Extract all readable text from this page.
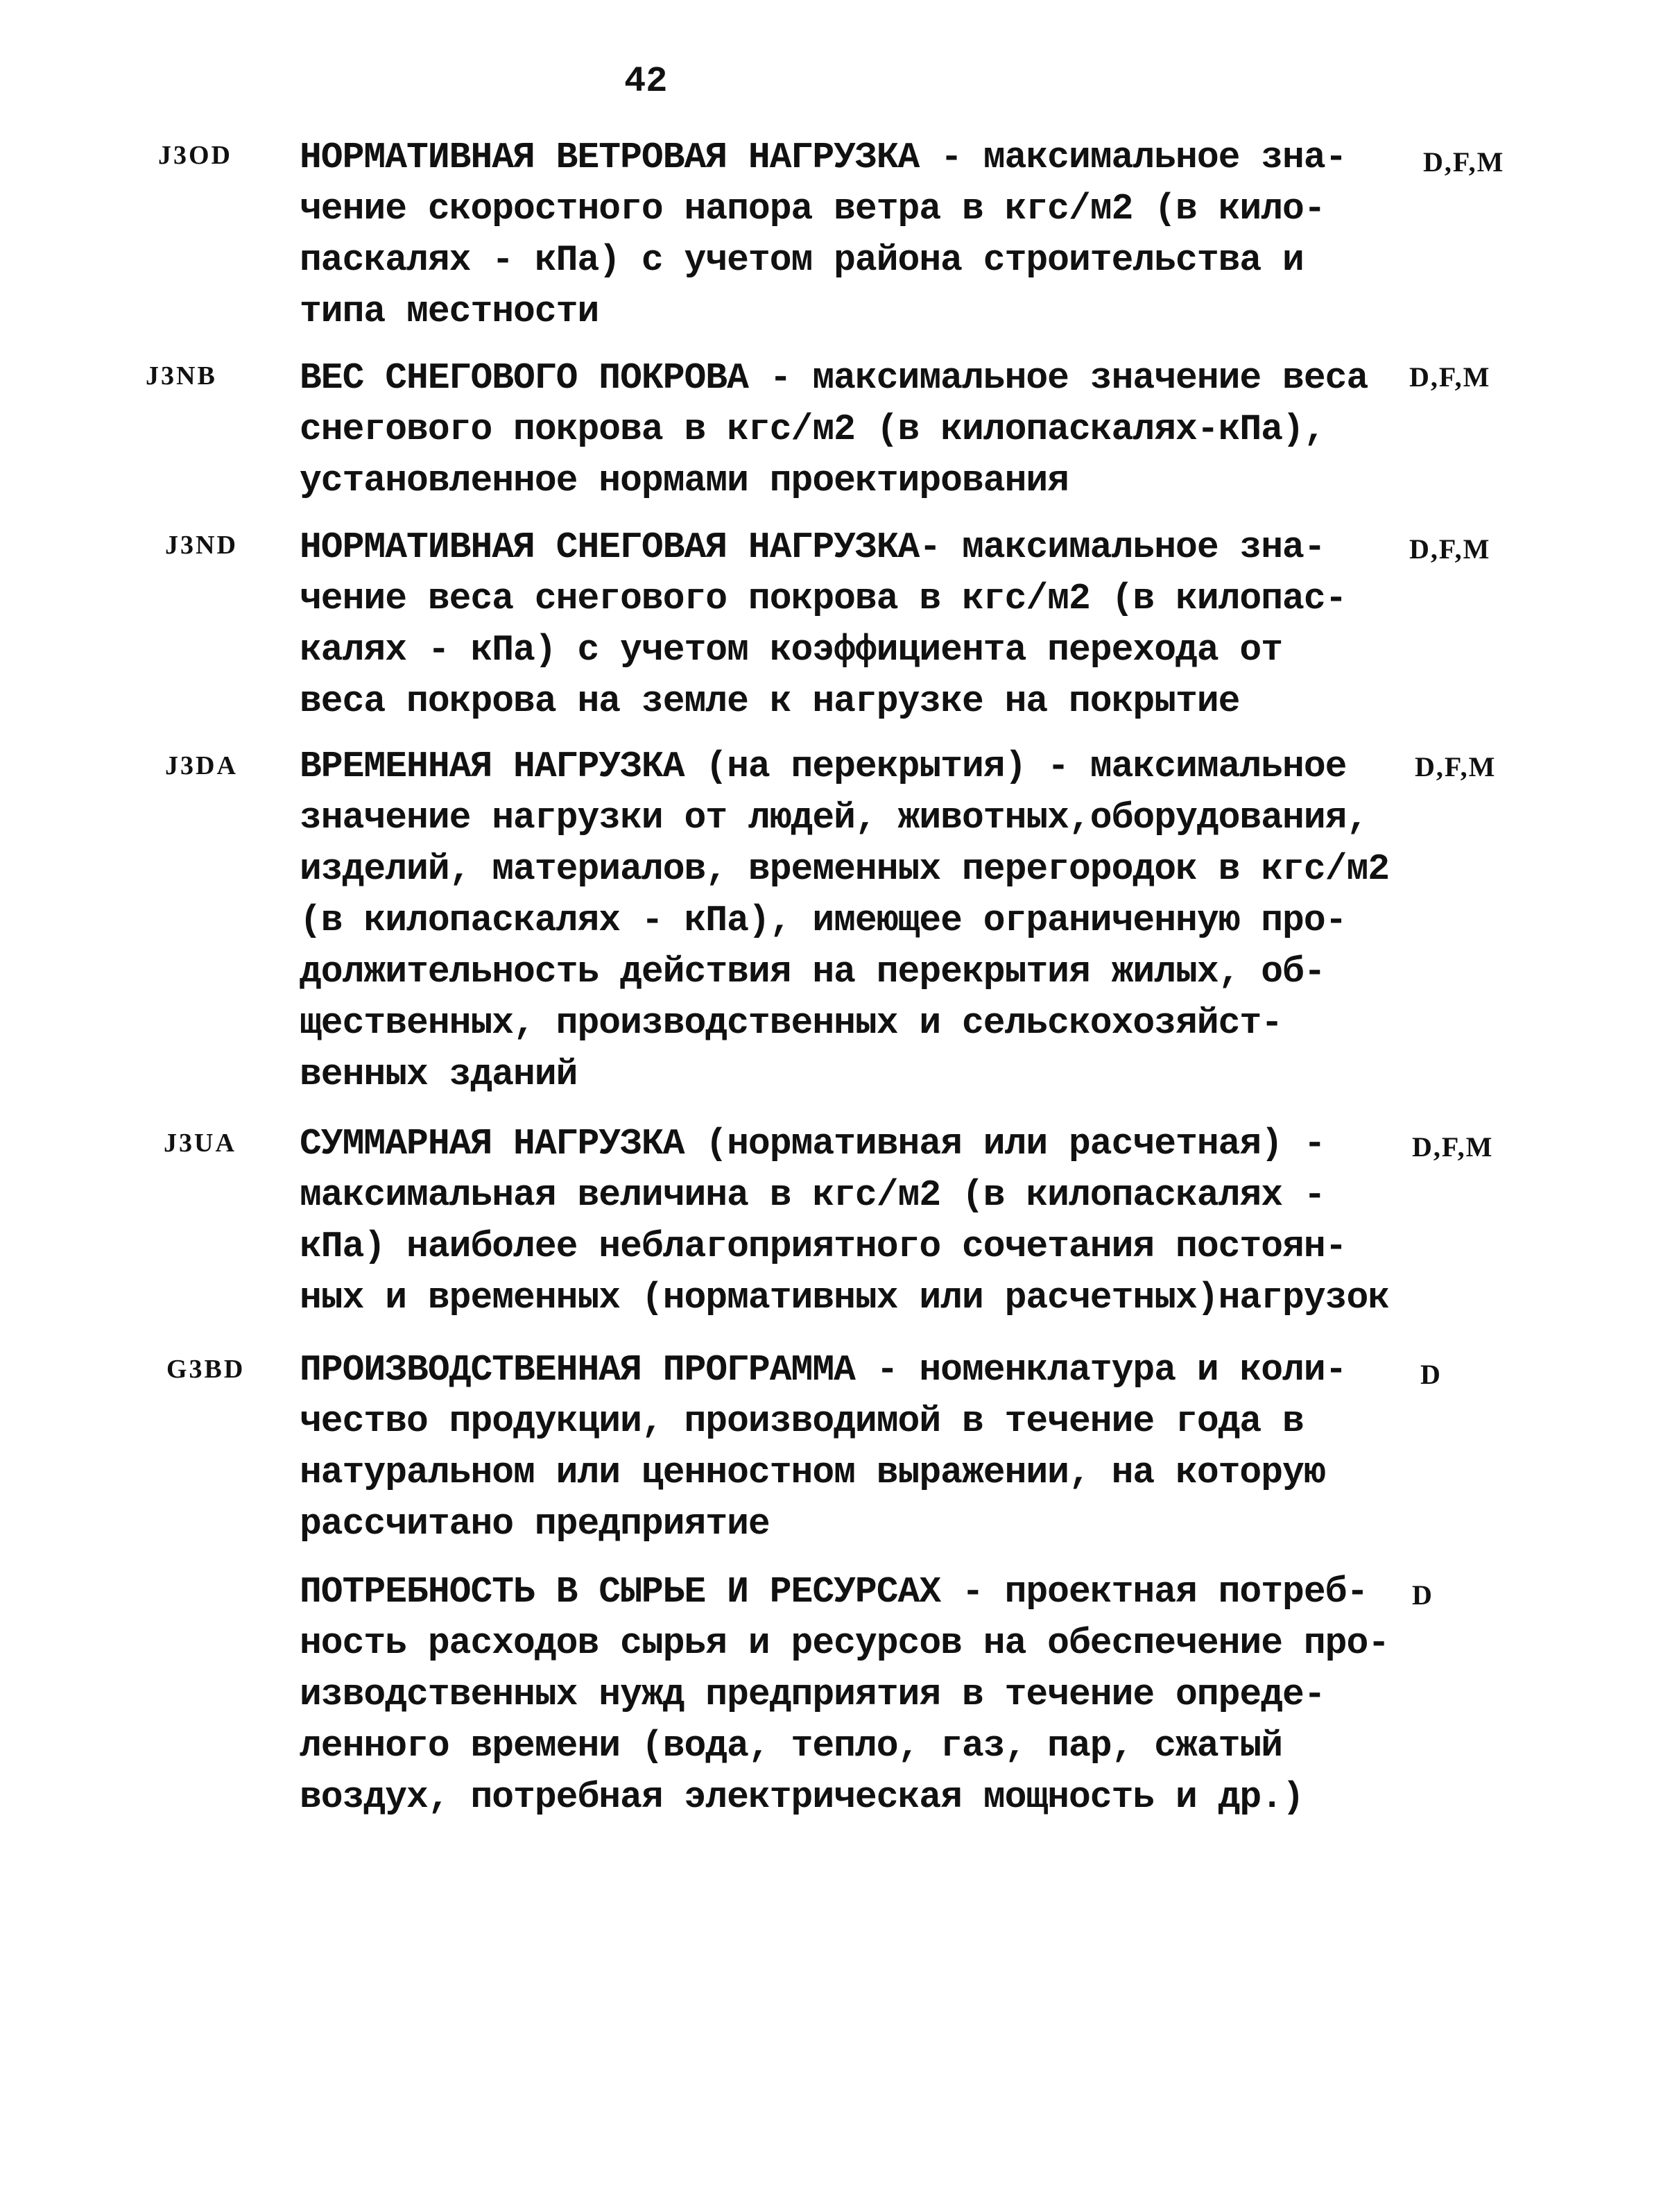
42
J3OD НОРМАТИВНАЯ ВЕТРОВАЯ НАГРУЗКА - максимальное зна-
чение скоростного напора ветра в кгс/м2 (в кило-
паскалях - кПа) с учетом района строительства и
типа местности

D,F,M
J3NB ВЕС СНЕГОВОГО ПОКРОВА - максимальное значение веса
снегового покрова в кгс/м2 (в килопаскалях-кПа),
установленное нормами проектирования

D,F,M
J3ND НОРМАТИВНАЯ СНЕГОВАЯ НАГРУЗКА- максимальное зна-
чение веса снегового покрова в кгс/м2 (в килопас-
калях - кПа) с учетом коэффициента перехода от
веса покрова на земле к нагрузке на покрытие

D,F,M
J3DA ВРЕМЕННАЯ НАГРУЗКА (на перекрытия) - максимальное
значение нагрузки от людей, животных,оборудования,
изделий, материалов, временных перегородок в кгс/м2
(в килопаскалях - кПа), имеющее ограниченную про-
должительность действия на перекрытия жилых, об-
щественных, производственных и сельскохозяйст-
венных зданий

D,F,M
J3UA СУММАРНАЯ НАГРУЗКА (нормативная или расчетная) -
максимальная величина в кгс/м2 (в килопаскалях -
кПа) наиболее неблагоприятного сочетания постоян-
ных и временных (нормативных или расчетных)нагрузок

D,F,M
G3BD ПРОИЗВОДСТВЕННАЯ ПРОГРАММА - номенклатура и коли-
чество продукции, производимой в течение года в
натуральном или ценностном выражении, на которую
рассчитано предприятие

D

ПОТРЕБНОСТЬ В СЫРЬЕ И РЕСУРСАХ - проектная потреб-
ность расходов сырья и ресурсов на обеспечение про-
изводственных нужд предприятия в течение опреде-
ленного времени (вода, тепло, газ, пар, сжатый
воздух, потребная электрическая мощность и др.)

D
